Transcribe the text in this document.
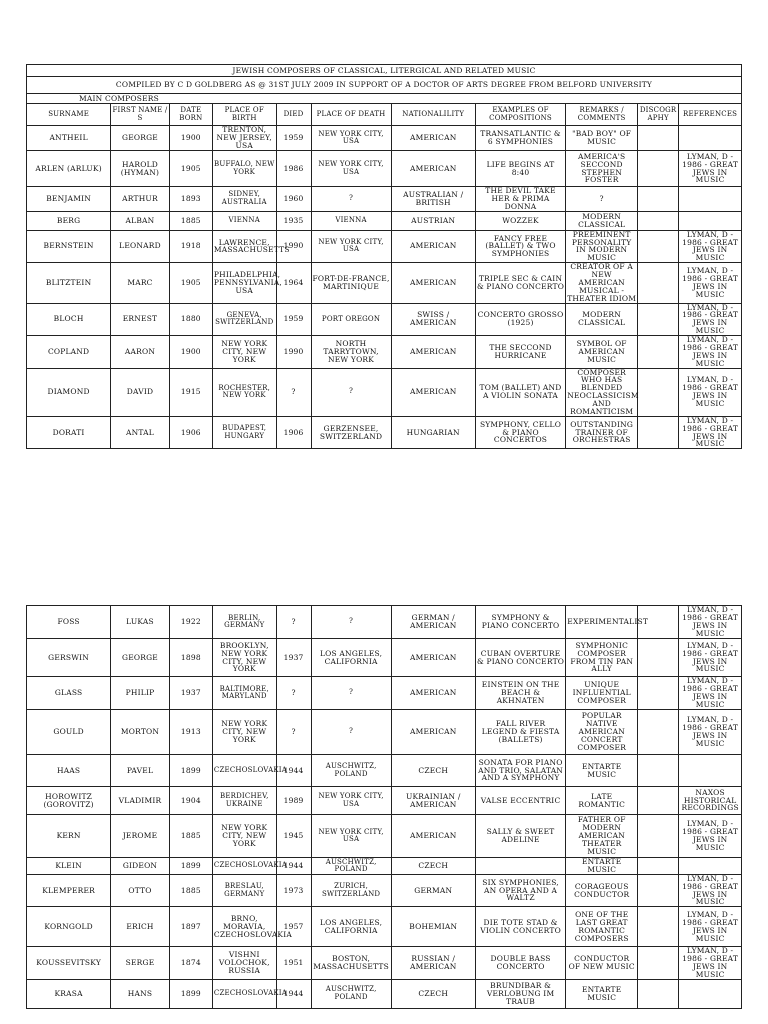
JEWISH COMPOSERS OF CLASSICAL, LITERGICAL AND RELATED MUSIC										
COMPILED BY C D GOLDBERG AS @ 31ST JULY 2009 IN SUPPORT OF A DOCTOR OF ARTS DEGREE FROM BELFORD UNIVERSITY										
MAIN COMPOSERS										
SURNAME	FIRST NAME / S	DATE BORN	PLACE OF BIRTH	DIED	PLACE OF DEATH	NATIONALILITY	EXAMPLES OF COMPOSITIONS	REMARKS / COMMENTS	DISCOGR APHY	REFERENCES
ANTHEIL	GEORGE	1900	TRENTON, NEW JERSEY, USA	1959	NEW YORK CITY, USA	AMERICAN	TRANSATLANTIC & 6 SYMPHONIES	"BAD BOY" OF MUSIC		
ARLEN (ARLUK)	HAROLD (HYMAN)	1905	BUFFALO, NEW YORK	1986	NEW YORK CITY, USA	AMERICAN	LIFE BEGINS AT 8:40	AMERICA'S SECCOND STEPHEN FOSTER		LYMAN, D - 1986 - GREAT JEWS IN MUSIC
BENJAMIN	ARTHUR	1893	SIDNEY, AUSTRALIA	1960	?	AUSTRALIAN / BRITISH	THE DEVIL TAKE HER & PRIMA DONNA	?		
BERG	ALBAN	1885	VIENNA	1935	VIENNA	AUSTRIAN	WOZZEK	MODERN CLASSICAL		
BERNSTEIN	LEONARD	1918	LAWRENCE, MASSACHUSETTS	1990	NEW YORK CITY, USA	AMERICAN	FANCY FREE (BALLET) & TWO SYMPHONIES	PREEMINENT PERSONALITY IN MODERN MUSIC		LYMAN, D - 1986 - GREAT JEWS IN MUSIC
BLITZTEIN	MARC	1905	PHILADELPHIA, PENNSYLVANIA, USA	1964	FORT-DE-FRANCE, MARTINIQUE	AMERICAN	TRIPLE SEC & CAIN & PIANO CONCERTO	CREATOR OF A NEW AMERICAN MUSICAL - THEATER IDIOM		LYMAN, D - 1986 - GREAT JEWS IN MUSIC
BLOCH	ERNEST	1880	GENEVA, SWITZERLAND	1959	PORT OREGON	SWISS / AMERICAN	CONCERTO GROSSO (1925)	MODERN CLASSICAL		LYMAN, D - 1986 - GREAT JEWS IN MUSIC
COPLAND	AARON	1900	NEW YORK CITY, NEW YORK	1990	NORTH TARRYTOWN, NEW YORK	AMERICAN	THE SECCOND HURRICANE	SYMBOL OF AMERICAN MUSIC		LYMAN, D - 1986 - GREAT JEWS IN MUSIC
DIAMOND	DAVID	1915	ROCHESTER, NEW YORK	?	?	AMERICAN	TOM (BALLET) AND A VIOLIN SONATA	COMPOSER WHO HAS BLENDED NEOCLASSICISM AND ROMANTICISM		LYMAN, D - 1986 - GREAT JEWS IN MUSIC
DORATI	ANTAL	1906	BUDAPEST, HUNGARY	1906	GERZENSEE, SWITZERLAND	HUNGARIAN	SYMPHONY, CELLO & PIANO CONCERTOS	OUTSTANDING TRAINER OF ORCHESTRAS		LYMAN, D - 1986 - GREAT JEWS IN MUSIC
FOSS	LUKAS	1922	BERLIN, GERMANY	?	?	GERMAN / AMERICAN	SYMPHONY & PIANO CONCERTO	EXPERIMENTALIST		LYMAN, D - 1986 - GREAT JEWS IN MUSIC
GERSWIN	GEORGE	1898	BROOKLYN, NEW YORK CITY, NEW YORK	1937	LOS ANGELES, CALIFORNIA	AMERICAN	CUBAN OVERTURE & PIANO CONCERTO	SYMPHONIC COMPOSER FROM TIN PAN ALLY		LYMAN, D - 1986 - GREAT JEWS IN MUSIC
GLASS	PHILIP	1937	BALTIMORE, MARYLAND	?	?	AMERICAN	EINSTEIN ON THE BEACH & AKHNATEN	UNIQUE INFLUENTIAL COMPOSER		LYMAN, D - 1986 - GREAT JEWS IN MUSIC
GOULD	MORTON	1913	NEW YORK CITY, NEW YORK	?	?	AMERICAN	FALL RIVER LEGEND & FIESTA (BALLETS)	POPULAR NATIVE AMERICAN CONCERT COMPOSER		LYMAN, D - 1986 - GREAT JEWS IN MUSIC
HAAS	PAVEL	1899	CZECHOSLOVAKIA	1944	AUSCHWITZ, POLAND	CZECH	SONATA FOR PIANO AND TRIO, SALATAN AND A SYMPHONY	ENTARTE MUSIC		
HOROWITZ (GOROVITZ)	VLADIMIR	1904	BERDICHEV, UKRAINE	1989	NEW YORK CITY, USA	UKRAINIAN / AMERICAN	VALSE ECCENTRIC	LATE ROMANTIC		NAXOS HISTORICAL RECORDINGS
KERN	JEROME	1885	NEW YORK CITY, NEW YORK	1945	NEW YORK CITY, USA	AMERICAN	SALLY & SWEET ADELINE	FATHER OF MODERN AMERICAN THEATER MUSIC		LYMAN, D - 1986 - GREAT JEWS IN MUSIC
KLEIN	GIDEON	1899	CZECHOSLOVAKIA	1944	AUSCHWITZ, POLAND	CZECH		ENTARTE MUSIC		
KLEMPERER	OTTO	1885	BRESLAU, GERMANY	1973	ZURICH, SWITZERLAND	GERMAN	SIX SYMPHONIES, AN OPERA AND A WALTZ	CORAGEOUS CONDUCTOR		LYMAN, D - 1986 - GREAT JEWS IN MUSIC
KORNGOLD	ERICH	1897	BRNO, MORAVIA, CZECHOSLOVAKIA	1957	LOS ANGELES, CALIFORNIA	BOHEMIAN	DIE TOTE STAD & VIOLIN CONCERTO	ONE OF THE LAST GREAT ROMANTIC COMPOSERS		LYMAN, D - 1986 - GREAT JEWS IN MUSIC
KOUSSEVITSKY	SERGE	1874	VISHNI VOLOCHOK, RUSSIA	1951	BOSTON, MASSACHUSETTS	RUSSIAN / AMERICAN	DOUBLE BASS CONCERTO	CONDUCTOR OF NEW MUSIC		LYMAN, D - 1986 - GREAT JEWS IN MUSIC
KRASA	HANS	1899	CZECHOSLOVAKIA	1944	AUSCHWITZ, POLAND	CZECH	BRUNDIBAR & VERLOBUNG IM TRAUB	ENTARTE MUSIC		
